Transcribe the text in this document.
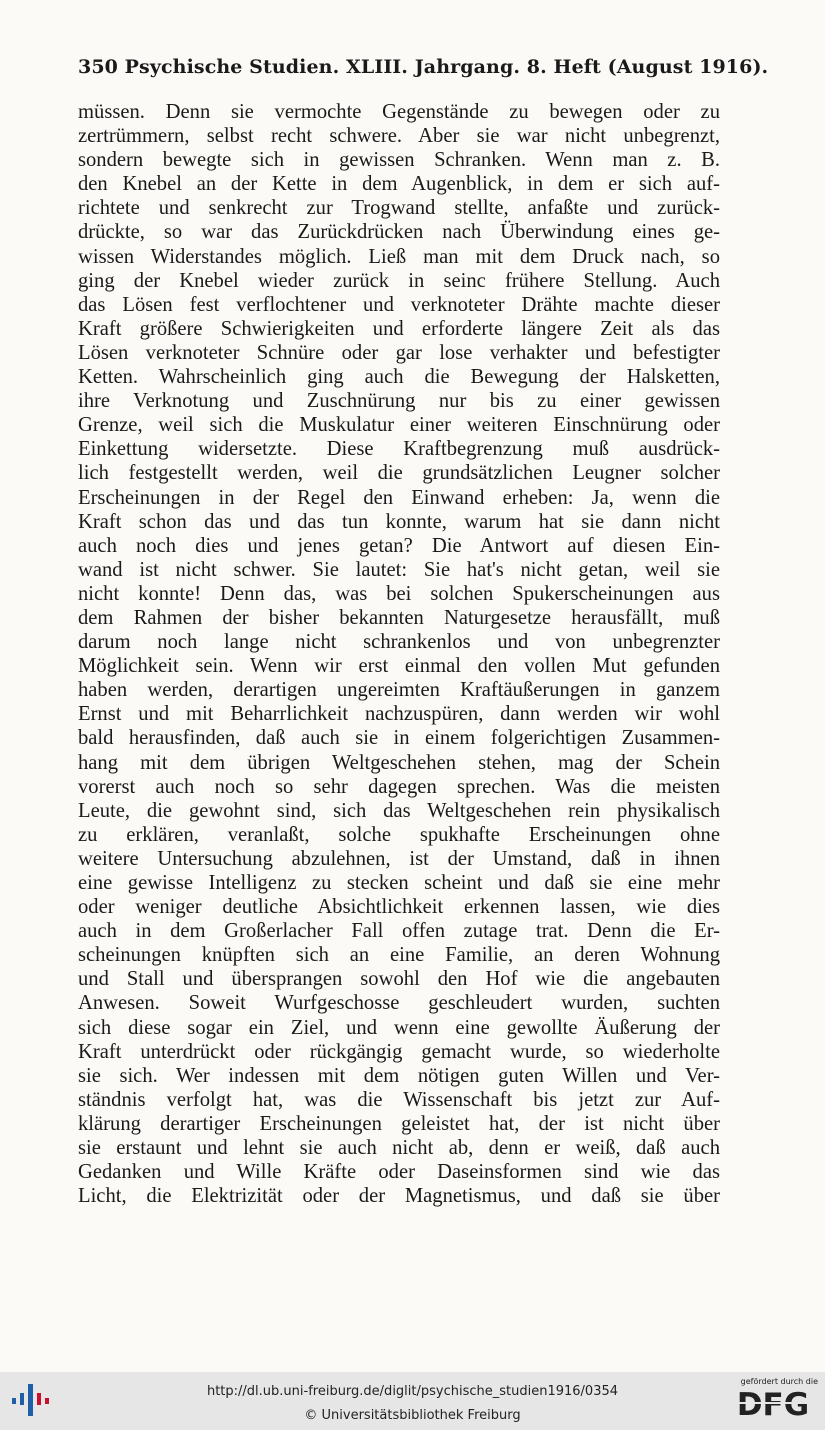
350 Psychische Studien. XLIII. Jahrgang. 8. Heft (August 1916).
müssen. Denn sie vermochte Gegenstände zu bewegen oder zu
zertrümmern, selbst recht schwere. Aber sie war nicht unbegrenzt,
sondern bewegte sich in gewissen Schranken. Wenn man z. B.
den Knebel an der Kette in dem Augenblick, in dem er sich auf-
richtete und senkrecht zur Trogwand stellte, anfaßte und zurück-
drückte, so war das Zurückdrücken nach Überwindung eines ge-
wissen Widerstandes möglich. Ließ man mit dem Druck nach, so
ging der Knebel wieder zurück in seinc frühere Stellung. Auch
das Lösen fest verflochtener und verknoteter Drähte machte dieser
Kraft größere Schwierigkeiten und erforderte längere Zeit als das
Lösen verknoteter Schnüre oder gar lose verhakter und befestigter
Ketten. Wahrscheinlich ging auch die Bewegung der Halsketten,
ihre Verknotung und Zuschnürung nur bis zu einer gewissen
Grenze, weil sich die Muskulatur einer weiteren Einschnürung oder
Einkettung widersetzte. Diese Kraftbegrenzung muß ausdrück-
lich festgestellt werden, weil die grundsätzlichen Leugner solcher
Erscheinungen in der Regel den Einwand erheben: Ja, wenn die
Kraft schon das und das tun konnte, warum hat sie dann nicht
auch noch dies und jenes getan? Die Antwort auf diesen Ein-
wand ist nicht schwer. Sie lautet: Sie hat's nicht getan, weil sie
nicht konnte! Denn das, was bei solchen Spukerscheinungen aus
dem Rahmen der bisher bekannten Naturgesetze herausfällt, muß
darum noch lange nicht schrankenlos und von unbegrenzter
Möglichkeit sein. Wenn wir erst einmal den vollen Mut gefunden
haben werden, derartigen ungereimten Kraftäußerungen in ganzem
Ernst und mit Beharrlichkeit nachzuspüren, dann werden wir wohl
bald herausfinden, daß auch sie in einem folgerichtigen Zusammen-
hang mit dem übrigen Weltgeschehen stehen, mag der Schein
vorerst auch noch so sehr dagegen sprechen. Was die meisten
Leute, die gewohnt sind, sich das Weltgeschehen rein physikalisch
zu erklären, veranlaßt, solche spukhafte Erscheinungen ohne
weitere Untersuchung abzulehnen, ist der Umstand, daß in ihnen
eine gewisse Intelligenz zu stecken scheint und daß sie eine mehr
oder weniger deutliche Absichtlichkeit erkennen lassen, wie dies
auch in dem Großerlacher Fall offen zutage trat. Denn die Er-
scheinungen knüpften sich an eine Familie, an deren Wohnung
und Stall und übersprangen sowohl den Hof wie die angebauten
Anwesen. Soweit Wurfgeschosse geschleudert wurden, suchten
sich diese sogar ein Ziel, und wenn eine gewollte Äußerung der
Kraft unterdrückt oder rückgängig gemacht wurde, so wiederholte
sie sich. Wer indessen mit dem nötigen guten Willen und Ver-
ständnis verfolgt hat, was die Wissenschaft bis jetzt zur Auf-
klärung derartiger Erscheinungen geleistet hat, der ist nicht über
sie erstaunt und lehnt sie auch nicht ab, denn er weiß, daß auch
Gedanken und Wille Kräfte oder Daseinsformen sind wie das
Licht, die Elektrizität oder der Magnetismus, und daß sie über
http://dl.ub.uni-freiburg.de/diglit/psychische_studien1916/0354
© Universitätsbibliothek Freiburg
gefördert durch die
DFG
